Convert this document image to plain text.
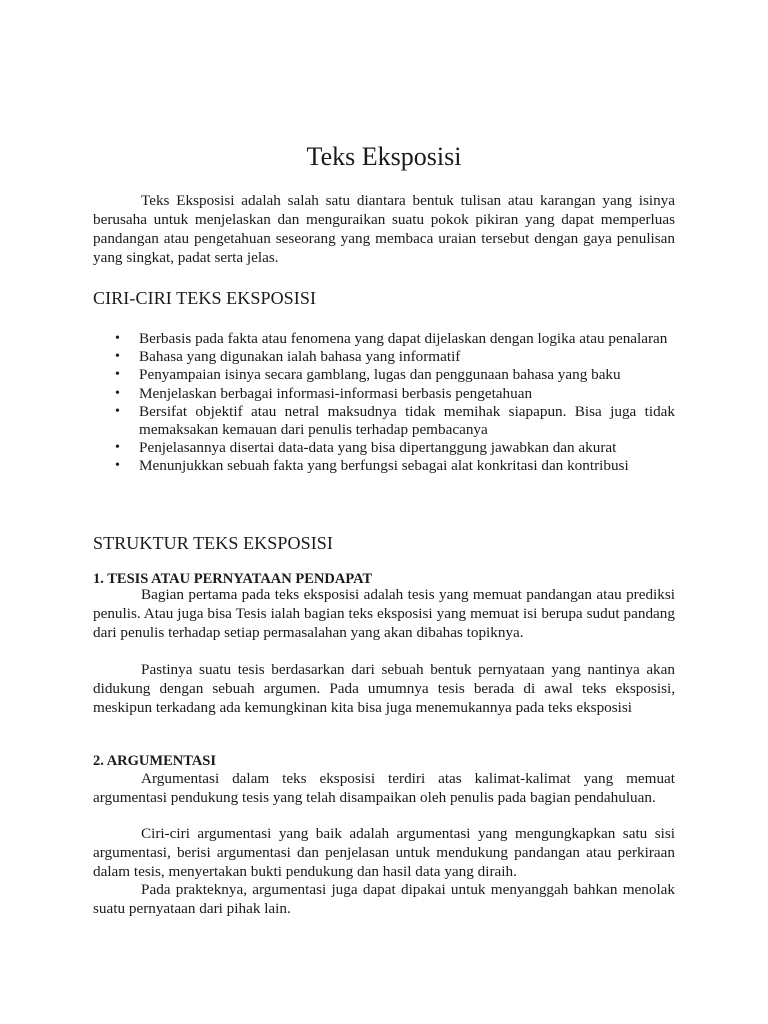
Teks Eksposisi

Teks Eksposisi adalah salah satu diantara bentuk tulisan atau karangan yang isinya berusaha untuk menjelaskan dan menguraikan suatu pokok pikiran yang dapat memperluas pandangan atau pengetahuan seseorang yang membaca uraian tersebut dengan gaya penulisan yang singkat, padat serta jelas.

CIRI-CIRI TEKS EKSPOSISI
• Berbasis pada fakta atau fenomena yang dapat dijelaskan dengan logika atau penalaran
• Bahasa yang digunakan ialah bahasa yang informatif
• Penyampaian isinya secara gamblang, lugas dan penggunaan bahasa yang baku
• Menjelaskan berbagai informasi-informasi berbasis pengetahuan
• Bersifat objektif atau netral maksudnya tidak memihak siapapun. Bisa juga tidak memaksakan kemauan dari penulis terhadap pembacanya
• Penjelasannya disertai data-data yang bisa dipertanggung jawabkan dan akurat
• Menunjukkan sebuah fakta yang berfungsi sebagai alat konkritasi dan kontribusi
STRUKTUR TEKS EKSPOSISI
1. TESIS ATAU PERNYATAAN PENDAPAT

Bagian pertama pada teks eksposisi adalah tesis yang memuat pandangan atau prediksi penulis. Atau juga bisa Tesis ialah bagian teks eksposisi yang memuat isi berupa sudut pandang dari penulis terhadap setiap permasalahan yang akan dibahas topiknya.

Pastinya suatu tesis berdasarkan dari sebuah bentuk pernyataan yang nantinya akan didukung dengan sebuah argumen. Pada umumnya tesis berada di awal teks eksposisi, meskipun terkadang ada kemungkinan kita bisa juga menemukannya pada teks eksposisi

2. ARGUMENTASI

Argumentasi dalam teks eksposisi terdiri atas kalimat-kalimat yang memuat argumentasi pendukung tesis yang telah disampaikan oleh penulis pada bagian pendahuluan.

Ciri-ciri argumentasi yang baik adalah argumentasi yang mengungkapkan satu sisi argumentasi, berisi argumentasi dan penjelasan untuk mendukung pandangan atau perkiraan dalam tesis, menyertakan bukti pendukung dan hasil data yang diraih.

Pada prakteknya, argumentasi juga dapat dipakai untuk menyanggah bahkan menolak suatu pernyataan dari pihak lain.
